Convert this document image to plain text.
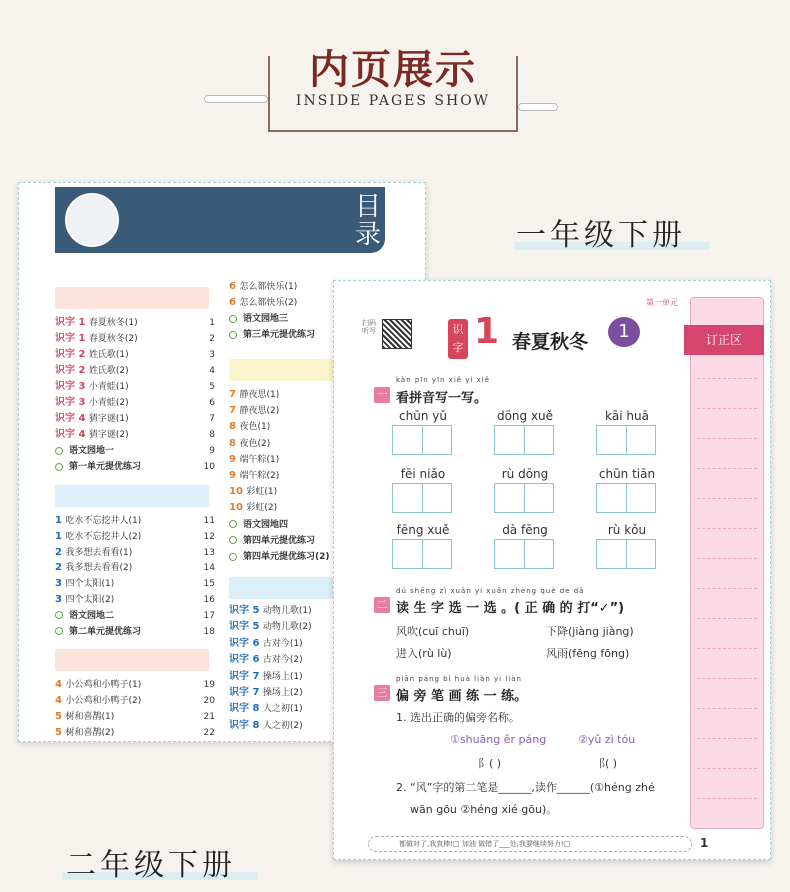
内页展示
INSIDE PAGES SHOW
目录
识字 1 春夏秋冬(1)	1
识字 1 春夏秋冬(2)	2
识字 2 姓氏歌(1)	3
识字 2 姓氏歌(2)	4
识字 3 小青蛙(1)	5
识字 3 小青蛙(2)	6
识字 4 猜字谜(1)	7
识字 4 猜字谜(2)	8
语文园地一	9
第一单元提优练习	10
1 吃水不忘挖井人(1)	11
1 吃水不忘挖井人(2)	12
2 我多想去看看(1)	13
2 我多想去看看(2)	14
3 四个太阳(1)	15
3 四个太阳(2)	16
语文园地二	17
第二单元提优练习	18
4 小公鸡和小鸭子(1)	19
4 小公鸡和小鸭子(2)	20
5 树和喜鹊(1)	21
5 树和喜鹊(2)	22
6 怎么都快乐(1)
6 怎么都快乐(2)
语文园地三
第三单元提优练习
7 静夜思(1)
7 静夜思(2)
8 夜色(1)
8 夜色(2)
9 端午粽(1)
9 端午粽(2)
10 彩虹(1)
10 彩虹(2)
语文园地四
第四单元提优练习
第四单元提优练习(2)
识字 5 动物儿歌(1)
识字 5 动物儿歌(2)
识字 6 古对今(1)
识字 6 古对今(2)
识字 7 操场上(1)
识字 7 操场上(2)
识字 8 人之初(1)
识字 8 人之初(2)
第一单元
扫码听写	识字 1 春夏秋冬	1
kàn pīn yīn xiě yi xiě
一 看拼音写一写。
chūn yǔ	dōng xuě	kāi huā
fēi niǎo	rù dōng	chūn tiān
fēng xuě	dà fēng	rù kǒu
dú shēng zì xuǎn yi xuǎn zhèng què de dǎ
二 读 生 字 选 一 选 。( 正 确 的 打“✓”)
风吹(cuī chuī)	下降(jiàng jiàng)
进入(rù lù)	风雨(fēng fōng)
piān páng bǐ huà liàn yi liàn
三 偏 旁 笔 画 练 一 练。
1. 选出正确的偏旁名称。
①shuāng ěr páng	②yǔ zì tóu
⻖( )	⻏( )
2. “风”字的第二笔是______,读作______(①héng zhé
wān gōu ②héng xié gōu)。
都做对了,我真棒!□ 加油 做错了___处,我要继续努力!□	1
订正区
一年级下册
二年级下册
